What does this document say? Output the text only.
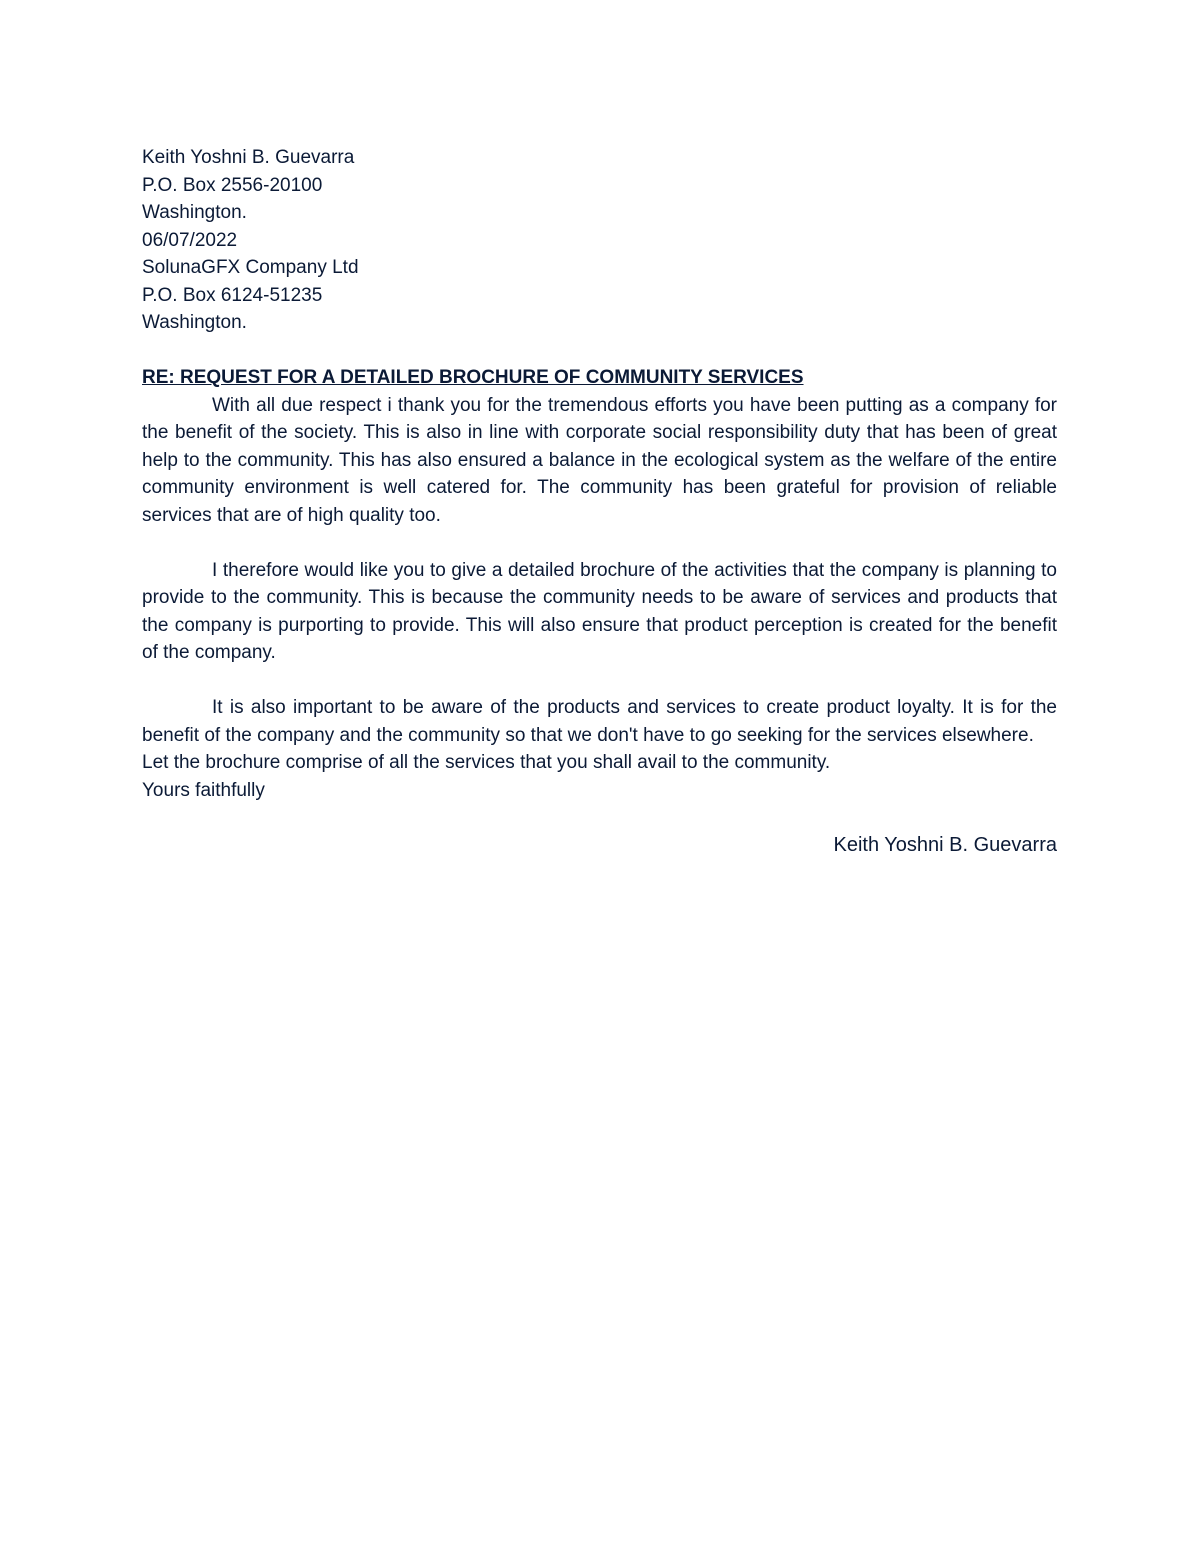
Keith Yoshni B. Guevarra

P.O. Box 2556-20100

Washington.

06/07/2022

SolunaGFX Company Ltd

P.O. Box 6124-51235

Washington.

RE: REQUEST FOR A DETAILED BROCHURE OF COMMUNITY SERVICES

With all due respect i thank you for the tremendous efforts you have been putting as a company for the benefit of the society. This is also in line with corporate social responsibility duty that has been of great help to the community. This has also ensured a balance in the ecological system as the welfare of the entire community environment is well catered for. The community has been grateful for provision of reliable services that are of high quality too.

I therefore would like you to give a detailed brochure of the activities that the company is planning to provide to the community. This is because the community needs to be aware of services and products that the company is purporting to provide. This will also ensure that product perception is created for the benefit of the company.

It is also important to be aware of the products and services to create product loyalty. It is for the benefit of the company and the community so that we don't have to go seeking for the services elsewhere.

Let the brochure comprise of all the services that you shall avail to the community.

Yours faithfully

Keith Yoshni B. Guevarra
